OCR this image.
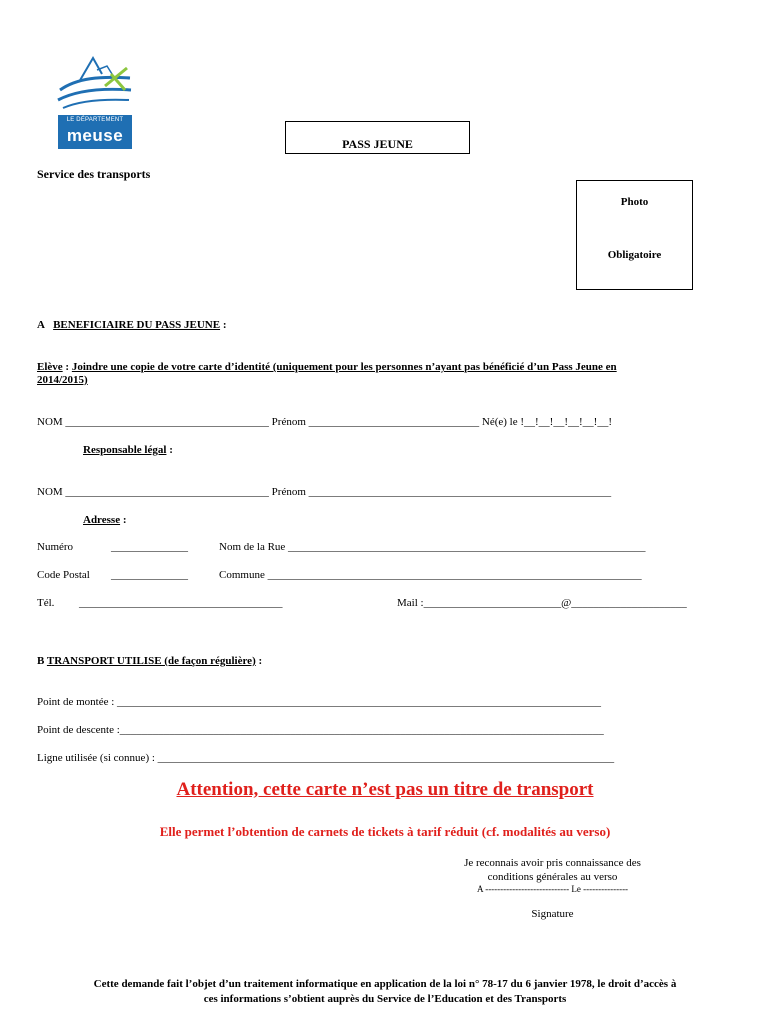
LE DÉPARTEMENT
meuse	PASS JEUNE
Service des transports
Photo
Obligatoire
A BENEFICIAIRE DU PASS JEUNE :
Elève : Joindre une copie de votre carte d’identité (uniquement pour les personnes n’ayant pas bénéficié d’un Pass Jeune en
2014/2015)
NOM _____________________________________ Prénom _______________________________ Né(e) le !__!__!__!__!__!__!
Responsable légal :
NOM _____________________________________ Prénom _______________________________________________________
Adresse :
Numéro	______________	Nom de la Rue _________________________________________________________________
Code Postal ______________	Commune ____________________________________________________________________
Tél. _____________________________________	Mail :_________________________@_____________________
B TRANSPORT UTILISE (de façon régulière) :
Point de montée : ________________________________________________________________________________________
Point de descente :________________________________________________________________________________________
Ligne utilisée (si connue) : ___________________________________________________________________________________
Attention, cette carte n’est pas un titre de transport
Elle permet l’obtention de carnets de tickets à tarif réduit (cf. modalités au verso)
Je reconnais avoir pris connaissance des
conditions générales au verso
A ---------------------------- Le ---------------
Signature
Cette demande fait l’objet d’un traitement informatique en application de la loi n° 78-17 du 6 janvier 1978, le droit d’accès à
ces informations s’obtient auprès du Service de l’Education et des Transports
